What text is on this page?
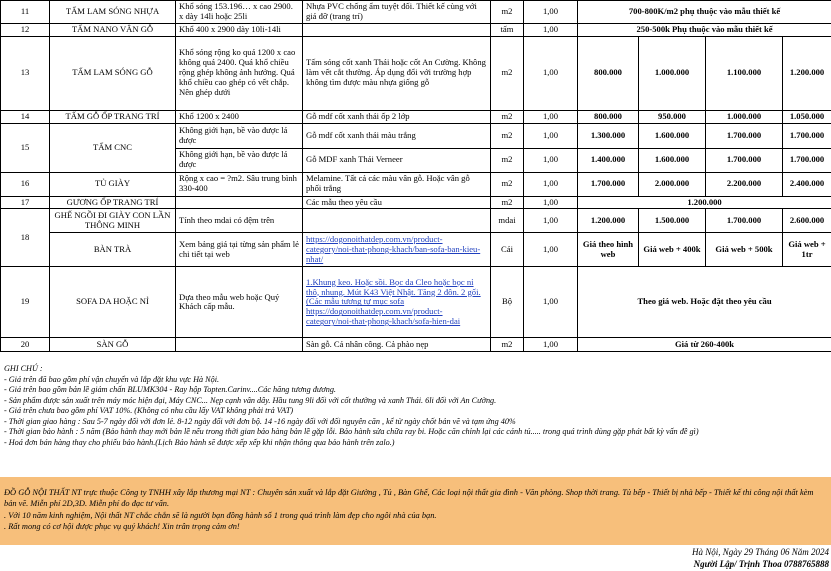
11	TẤM LAM SÓNG NHỰA	Khổ sóng 153.196… x cao 2900. x dày 14li hoặc 25li	Nhựa PVC chống ẩm tuyệt đối. Thiết kế cùng với giá đỡ (trang trí)	m2	1,00	700-800K/m2 phụ thuộc vào mẫu thiết kế			
12	TẤM NANO VÂN GỖ	Khổ 400 x 2900 dày 10li-14li		tấm	1,00	250-500k Phụ thuộc vào mẫu thiết kế			
13	TẤM LAM SÓNG GỖ	Khổ sóng rộng ko quá 1200 x cao không quá 2400. Quá khổ chiều rộng ghép không ảnh hưởng. Quá khổ chiều cao ghép có vết chắp. Nên ghép dưới	Tấm sóng cốt xanh Thái hoặc cốt An Cường. Không làm vết cắt thường. Áp dụng đổi với trường hợp không tìm được màu nhựa giống gỗ	m2	1,00	800.000	1.000.000	1.100.000	1.200.000
14	TẤM GỖ ỐP TRANG TRÍ	Khổ 1200 x 2400	Gỗ mdf cốt xanh thái ốp 2 lớp	m2	1,00	800.000	950.000	1.000.000	1.050.000
15	TẤM CNC	Không giới hạn, bề vào được lá được	Gỗ mdf cốt xanh thái màu trắng	m2	1,00	1.300.000	1.600.000	1.700.000	1.700.000
		Không giới hạn, bề vào được lá được	Gỗ MDF xanh Thái Verneer	m2	1,00	1.400.000	1.600.000	1.700.000	1.700.000
16	TỦ GIÀY	Rộng x cao = ?m2. Sâu trung bình 330-400	Melamine. Tất cả các màu vân gỗ. Hoặc vân gỗ phối trắng	m2	1,00	1.700.000	2.000.000	2.200.000	2.400.000
17	GƯƠNG ỐP TRANG TRÍ		Các mẫu theo yêu cầu	m2	1,00	1.200.000			
18	GHẾ NGỒI ĐI GIÀY CON LẦN THÔNG MINH	Tính theo mdai có đệm trên		mdai	1,00	1.200.000	1.500.000	1.700.000	2.600.000
	BÀN TRÀ	Xem bảng giá tại từng sản phẩm lẻ chi tiết tại web	https://dogonoithatdep.com.vn/product-category/noi-that-phong-khach/ban-sofa-ban-kieu-nhat/	Cái	1,00	Giá theo hình web	Giá web + 400k	Giá web + 500k	Giá web + 1tr
19	SOFA DA HOẶC NỈ	Dựa theo mẫu web hoặc Quý Khách cấp mẫu.	1.Khung keo. Hoặc sồi. Bọc da Cleo hoặc bọc nỉ thô, nhung. Mút K43 Việt Nhật. Tăng 2 đôn. 2 gối. (Các mẫu tương tự mục sofa https://dogonoithatdep.com.vn/product-category/noi-that-phong-khach/sofa-hien-dai	Bộ	1,00	Theo giá web. Hoặc đặt theo yêu cầu			
20	SÀN GỖ		Sàn gỗ. Cả nhân công. Cả phào nẹp	m2	1,00	Giá từ 260-400k			
GHI CHÚ :
- Giá trên đã bao gồm phí vận chuyển và lắp đặt khu vực Hà Nội.
- Giá trên bao gồm bản lề giảm chấn BLUMK304 - Ray hộp Topten.Carinv....Các hãng tương đương.
- Sản phẩm được sản xuất trên máy móc hiện đại, Máy CNC... Nẹp cạnh vân dây. Hầu tung 9li đối với cốt thường và xanh Thái. 6li đối với An Cường.
- Giá trên chưa bao gồm phí VAT 10%. (Không có nhu cầu lấy VAT không phải trả VAT)
- Thời gian giao hàng : Sau 5-7 ngày đối với đơn lẻ. 8-12 ngày đối với đơn bộ. 14 -16 ngày đối với đối nguyên căn , kể từ ngày chốt bản vẽ và tạm ứng 40%
- Thời gian bảo hành : 5 năm (Bảo hành thay mới bản lề nếu trong thời gian bảo hàng bản lề gặp lỗi. Bảo hành sửa chữa ray bi. Hoặc căn chỉnh lại các cánh tủ..... trong quá trình dùng gặp phát bất kỳ vấn đề gì)
- Hoá đơn bán hàng thay cho phiếu bảo hành.(Lịch Bảo hành sẽ được xếp xếp khi nhận thông qua bảo hành trên zalo.)
ĐỒ GỖ NỘI THẤT NT trực thuộc Công ty TNHH xây lắp thương mại NT : Chuyên sản xuất và lắp đặt Giường , Tủ , Bàn Ghế, Các loại nội thất gia đình - Văn phòng. Shop thời trang. Tủ bếp - Thiết bị nhà bếp - Thiết kế thi công nội thất kèm bản vẽ. Miễn phí 2D,3D. Miễn phí đo đạc tư vấn.
. Với 10 năm kinh nghiệm, Nội thất NT chắc chắn sẽ là người bạn đồng hành số 1 trong quá trình làm đẹp cho ngôi nhà của bạn.
. Rất mong có cơ hội được phục vụ quý khách! Xin trân trọng cảm ơn!
Hà Nội, Ngày 29 Tháng 06 Năm 2024
Người Lập/ Trịnh Thoa 0788765888
